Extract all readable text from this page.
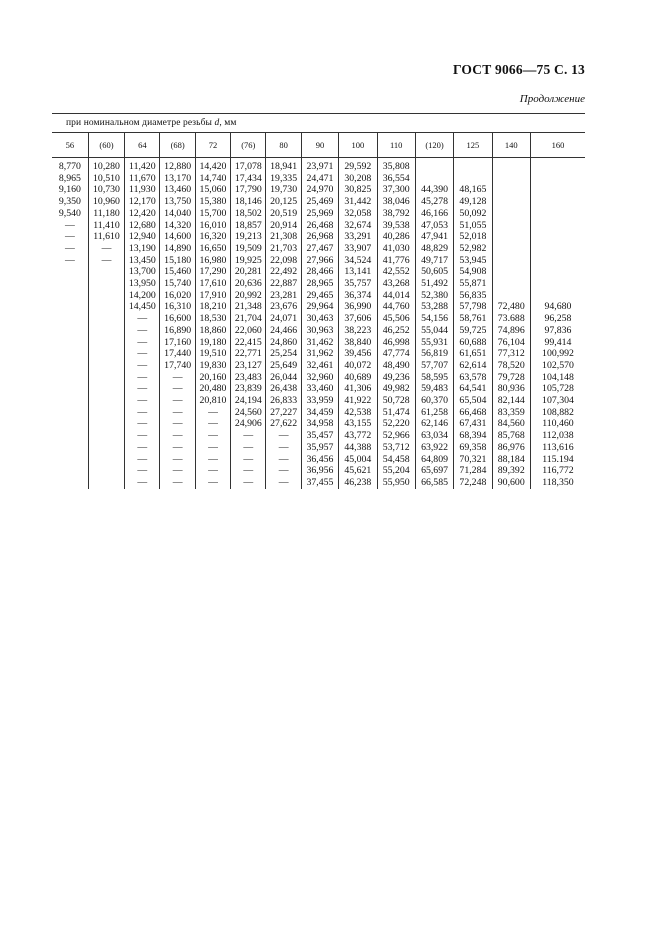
ГОСТ 9066—75 С. 13
Продолжение
при номинальном диаметре резьбы d, мм
56	(60)	64	(68)	72	(76)	80	90	100	110	(120)	125	140	160
8,770	10,280	11,420	12,880	14,420	17,078	18,941	23,971	29,592	35,808				
8,965	10,510	11,670	13,170	14,740	17,434	19,335	24,471	30,208	36,554				
9,160	10,730	11,930	13,460	15,060	17,790	19,730	24,970	30,825	37,300	44,390	48,165		
9,350	10,960	12,170	13,750	15,380	18,146	20,125	25,469	31,442	38,046	45,278	49,128		
9,540	11,180	12,420	14,040	15,700	18,502	20,519	25,969	32,058	38,792	46,166	50,092		
—	11,410	12,680	14,320	16,010	18,857	20,914	26,468	32,674	39,538	47,053	51,055		
—	11,610	12,940	14,600	16,320	19,213	21,308	26,968	33,291	40,286	47,941	52,018		
—	—	13,190	14,890	16,650	19,509	21,703	27,467	33,907	41,030	48,829	52,982		
—	—	13,450	15,180	16,980	19,925	22,098	27,966	34,524	41,776	49,717	53,945		
		13,700	15,460	17,290	20,281	22,492	28,466	13,141	42,552	50,605	54,908		
		13,950	15,740	17,610	20,636	22,887	28,965	35,757	43,268	51,492	55,871		
		14,200	16,020	17,910	20,992	23,281	29,465	36,374	44,014	52,380	56,835		
		14,450	16,310	18,210	21,348	23,676	29,964	36,990	44,760	53,288	57,798	72,480	94,680
		—	16,600	18,530	21,704	24,071	30,463	37,606	45,506	54,156	58,761	73.688	96,258
		—	16,890	18,860	22,060	24,466	30,963	38,223	46,252	55,044	59,725	74,896	97,836
		—	17,160	19,180	22,415	24,860	31,462	38,840	46,998	55,931	60,688	76,104	99,414
		—	17,440	19,510	22,771	25,254	31,962	39,456	47,774	56,819	61,651	77,312	100,992
		—	17,740	19,830	23,127	25,649	32,461	40,072	48,490	57,707	62,614	78,520	102,570
		—	—	20,160	23,483	26,044	32,960	40,689	49,236	58,595	63,578	79,728	104,148
		—	—	20,480	23,839	26,438	33,460	41,306	49,982	59,483	64,541	80,936	105,728
		—	—	20,810	24,194	26,833	33,959	41,922	50,728	60,370	65,504	82,144	107,304
		—	—	—	24,560	27,227	34,459	42,538	51,474	61,258	66,468	83,359	108,882
		—	—	—	24,906	27,622	34,958	43,155	52,220	62,146	67,431	84,560	110,460
		—	—	—	—	—	35,457	43,772	52,966	63,034	68,394	85,768	112,038
		—	—	—	—	—	35,957	44,388	53,712	63,922	69,358	86,976	113,616
		—	—	—	—	—	36,456	45,004	54,458	64,809	70,321	88,184	115.194
		—	—	—	—	—	36,956	45,621	55,204	65,697	71,284	89,392	116,772
		—	—	—	—	—	37,455	46,238	55,950	66,585	72,248	90,600	118,350
